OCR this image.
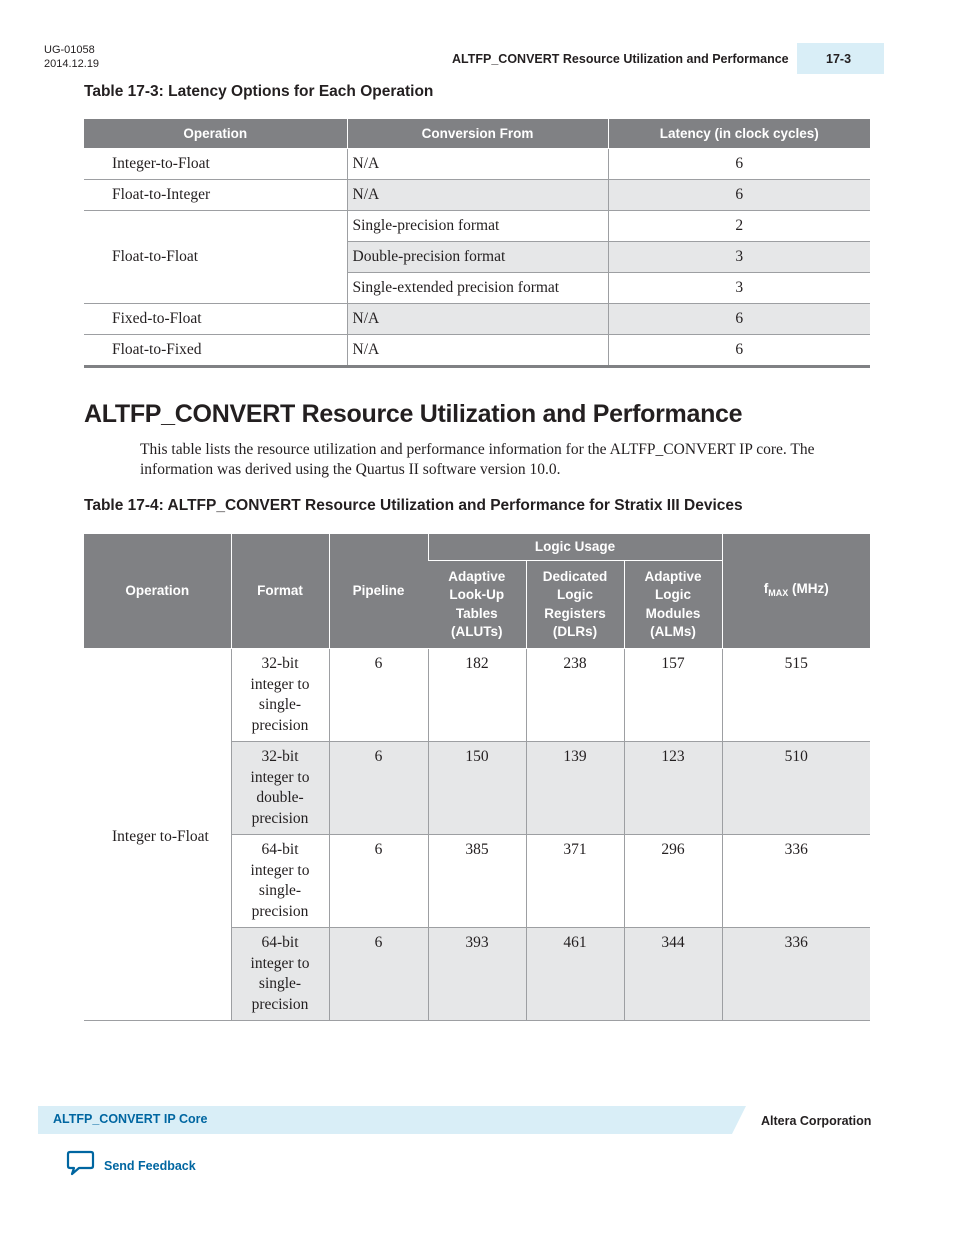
UG-01058
2014.12.19	ALTFP_CONVERT Resource Utilization and Performance	17-3
Table 17-3: Latency Options for Each Operation
Operation	Conversion From	Latency (in clock cycles)
Integer-to-Float	N/A	6
Float-to-Integer	N/A	6
Float-to-Float	Single-precision format	2
	Double-precision format	3
	Single-extended precision format	3
Fixed-to-Float	N/A	6
Float-to-Fixed	N/A	6
ALTFP_CONVERT Resource Utilization and Performance

This table lists the resource utilization and performance information for the ALTFP_CONVERT IP core. The information was derived using the Quartus II software version 10.0.

Table 17-4: ALTFP_CONVERT Resource Utilization and Performance for Stratix III Devices
Operation	Format	Pipeline	Logic Usage			$f_{MAX}$ (MHz)
			Adaptive Look-Up Tables (ALUTs)	Dedicated Logic Registers (DLRs)	Adaptive Logic Modules (ALMs)	
Integer to-Float	32-bit integer to single-precision	6	182	238	157	515
	32-bit integer to double-precision	6	150	139	123	510
	64-bit integer to single-precision	6	385	371	296	336
	64-bit integer to single-precision	6	393	461	344	336
ALTFP_CONVERT IP Core	Altera Corporation
Send Feedback
